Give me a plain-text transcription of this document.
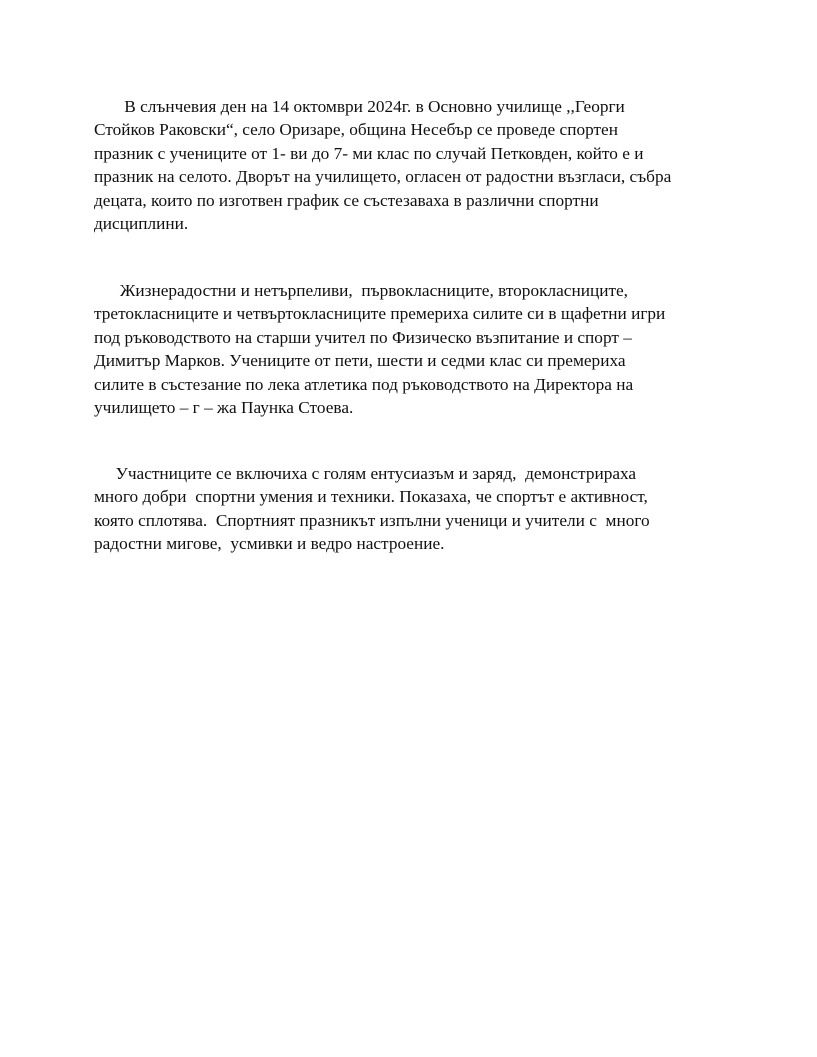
В слънчевия ден на 14 октомври 2024г. в Основно училище ,,Георги
Стойков Раковски“, село Оризаре, община Несебър се проведе спортен
празник с учениците от 1- ви до 7- ми клас по случай Петковден, който е и
празник на селото. Дворът на училището, огласен от радостни възгласи, събра
децата, които по изготвен график се състезаваха в различни спортни
дисциплини.

Жизнерадостни и нетърпеливи,  първокласниците, второкласниците,
третокласниците и четвъртокласниците премериха силите си в щафетни игри
под ръководството на старши учител по Физическо възпитание и спорт –
Димитър Марков. Учениците от пети, шести и седми клас си премериха
силите в състезание по лека атлетика под ръководството на Директора на
училището – г – жа Паунка Стоева.

Участниците се включиха с голям ентусиазъм и заряд,  демонстрираха
много добри  спортни умения и техники. Показаха, че спортът е активност,
която сплотява.  Спортният празникът изпълни ученици и учители с  много
радостни мигове,  усмивки и ведро настроение.
